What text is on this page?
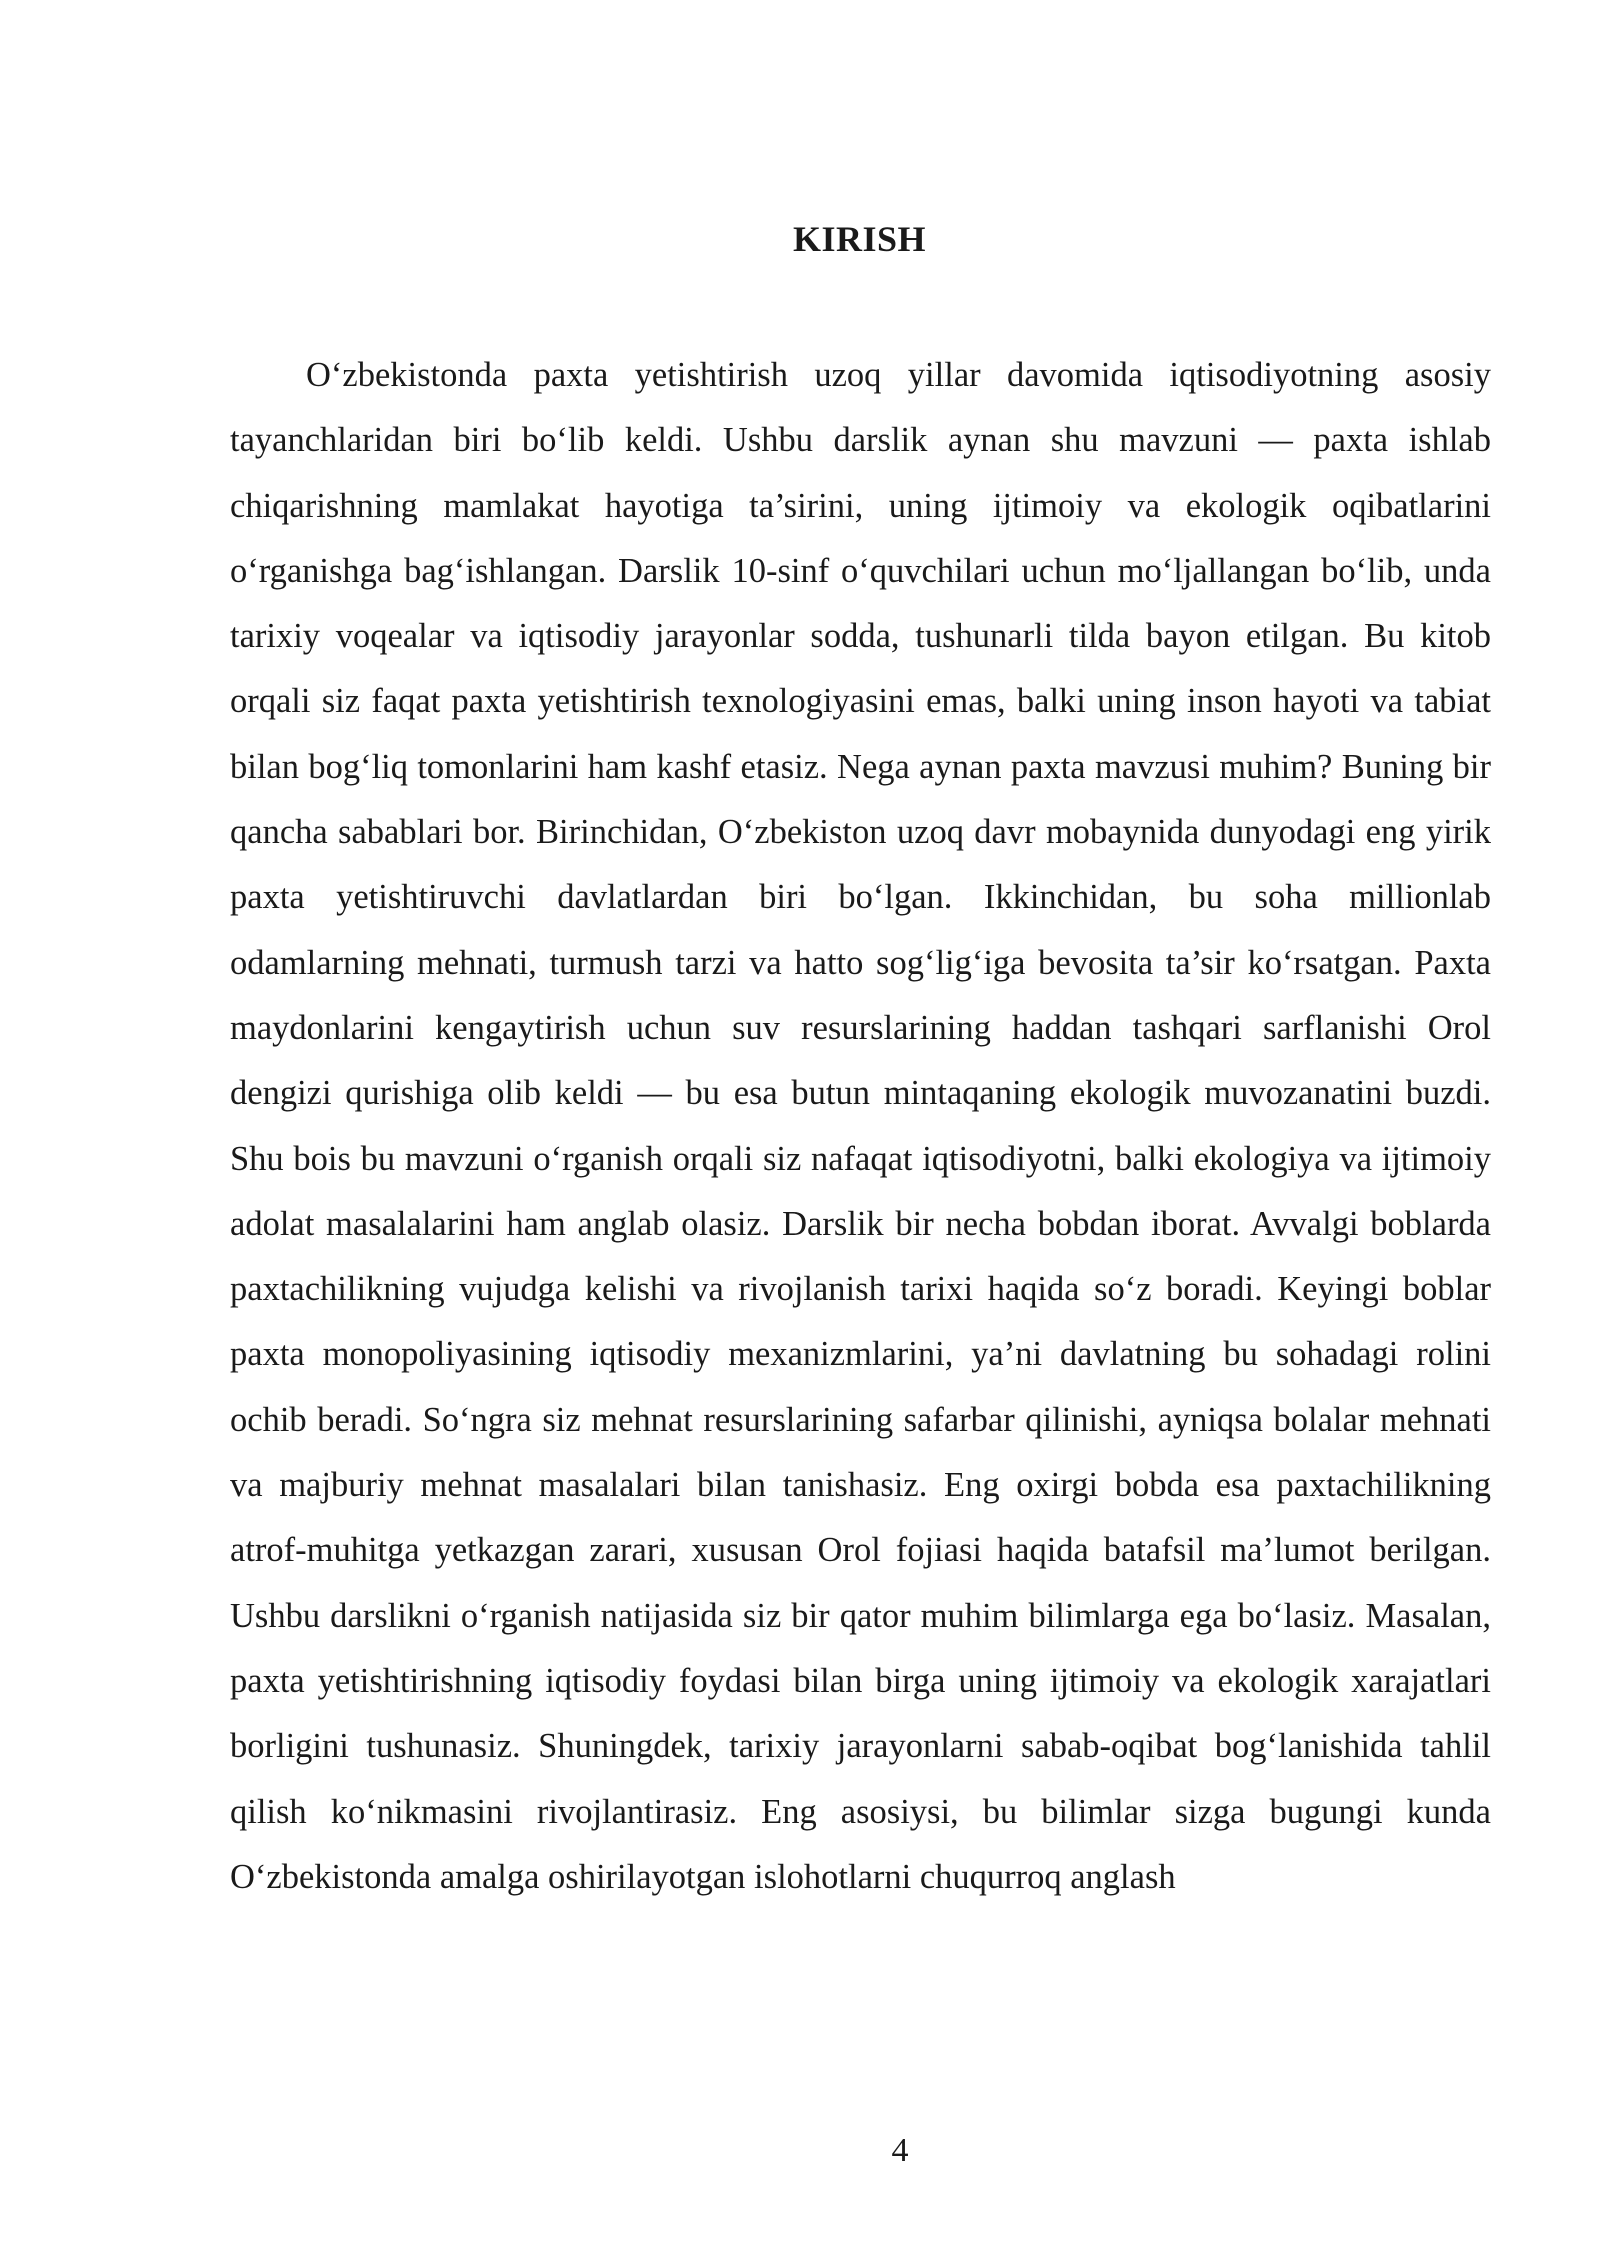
KIRISH

O‘zbekistonda paxta yetishtirish uzoq yillar davomida iqtisodiyotning asosiy tayanchlaridan biri bo‘lib keldi. Ushbu darslik aynan shu mavzuni — paxta ishlab chiqarishning mamlakat hayotiga ta’sirini, uning ijtimoiy va ekologik oqibatlarini o‘rganishga bag‘ishlangan. Darslik 10-sinf o‘quvchilari uchun mo‘ljallangan bo‘lib, unda tarixiy voqealar va iqtisodiy jarayonlar sodda, tushunarli tilda bayon etilgan. Bu kitob orqali siz faqat paxta yetishtirish texnologiyasini emas, balki uning inson hayoti va tabiat bilan bog‘liq tomonlarini ham kashf etasiz. Nega aynan paxta mavzusi muhim? Buning bir qancha sabablari bor. Birinchidan, O‘zbekiston uzoq davr mobaynida dunyodagi eng yirik paxta yetishtiruvchi davlatlardan biri bo‘lgan. Ikkinchidan, bu soha millionlab odamlarning mehnati, turmush tarzi va hatto sog‘lig‘iga bevosita ta’sir ko‘rsatgan. Paxta maydonlarini kengaytirish uchun suv resurslarining haddan tashqari sarflanishi Orol dengizi qurishiga olib keldi — bu esa butun mintaqaning ekologik muvozanatini buzdi. Shu bois bu mavzuni o‘rganish orqali siz nafaqat iqtisodiyotni, balki ekologiya va ijtimoiy adolat masalalarini ham anglab olasiz. Darslik bir necha bobdan iborat. Avvalgi boblarda paxtachilikning vujudga kelishi va rivojlanish tarixi haqida so‘z boradi. Keyingi boblar paxta monopoliyasining iqtisodiy mexanizmlarini, ya’ni davlatning bu sohadagi rolini ochib beradi. So‘ngra siz mehnat resurslarining safarbar qilinishi, ayniqsa bolalar mehnati va majburiy mehnat masalalari bilan tanishasiz. Eng oxirgi bobda esa paxtachilikning atrof-muhitga yetkazgan zarari, xususan Orol fojiasi haqida batafsil ma’lumot berilgan. Ushbu darslikni o‘rganish natijasida siz bir qator muhim bilimlarga ega bo‘lasiz. Masalan, paxta yetishtirishning iqtisodiy foydasi bilan birga uning ijtimoiy va ekologik xarajatlari borligini tushunasiz. Shuningdek, tarixiy jarayonlarni sabab-oqibat bog‘lanishida tahlil qilish ko‘nikmasini rivojlantirasiz. Eng asosiysi, bu bilimlar sizga bugungi kunda O‘zbekistonda amalga oshirilayotgan islohotlarni chuqurroq anglash

4
